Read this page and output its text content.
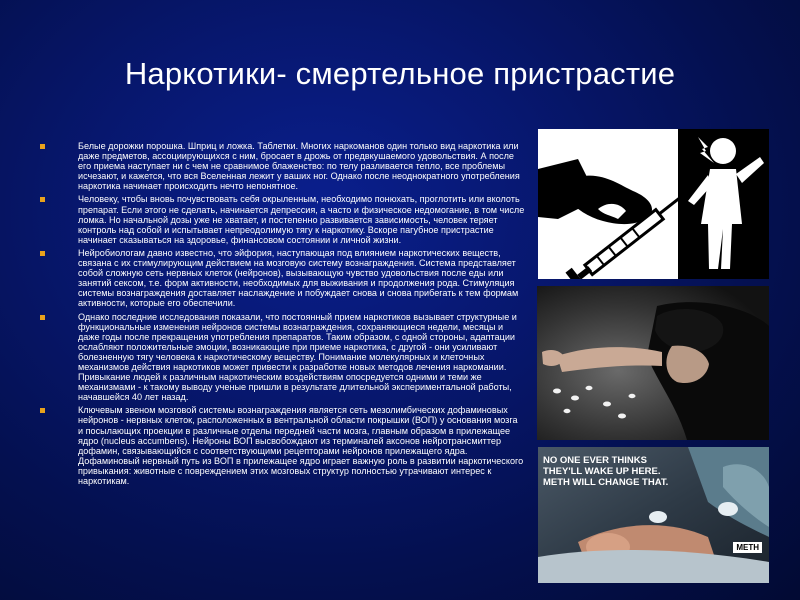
Наркотики- смертельное пристрастие
Белые дорожки порошка. Шприц и ложка. Таблетки. Многих наркоманов один только вид наркотика или даже предметов, ассоциирующихся с ним, бросает в дрожь от предвкушаемого удовольствия. А после его приема наступает ни с чем не сравнимое блаженство: по телу разливается тепло, все проблемы исчезают, и кажется, что вся Вселенная лежит у ваших ног. Однако после неоднократного употребления наркотика начинает происходить нечто непонятное.
Человеку, чтобы вновь почувствовать себя окрыленным, необходимо понюхать, проглотить или вколоть препарат. Если этого не сделать, начинается депрессия, а часто и физическое недомогание, в том числе ломка. Но начальной дозы уже не хватает, и постепенно развивается зависимость, человек теряет контроль над собой и испытывает непреодолимую тягу к наркотику. Вскоре пагубное пристрастие начинает сказываться на здоровье, финансовом состоянии и личной жизни.
Нейробиологам давно известно, что эйфория, наступающая под влиянием наркотических веществ, связана с их стимулирующим действием на мозговую систему вознаграждения. Система представляет собой сложную сеть нервных клеток (нейронов), вызывающую чувство удовольствия после еды или занятий сексом, т.е. форм активности, необходимых для выживания и продолжения рода. Стимуляция системы вознаграждения доставляет наслаждение и побуждает снова и снова прибегать к тем формам активности, которые его обеспечили.
Однако последние исследования показали, что постоянный прием наркотиков вызывает структурные и функциональные изменения нейронов системы вознаграждения, сохраняющиеся недели, месяцы и даже годы после прекращения употребления препаратов. Таким образом, с одной стороны, адаптации ослабляют положительные эмоции, возникающие при приеме наркотика, с другой - они усиливают болезненную тягу человека к наркотическому веществу. Понимание молекулярных и клеточных механизмов действия наркотиков может привести к разработке новых методов лечения наркомании. Привыкание людей к различным наркотическим воздействиям опосредуется одними и теми же механизмами - к такому выводу ученые пришли в результате длительной экспериментальной работы, начавшейся 40 лет назад.
Ключевым звеном мозговой системы вознаграждения является сеть мезолимбических дофаминовых нейронов - нервных клеток, расположенных в вентральной области покрышки (ВОП) у основания мозга и посылающих проекции в различные отделы передней части мозга, главным образом в прилежащее ядро (nucleus accumbens). Нейроны ВОП высвобождают из терминалей аксонов нейротрансмиттер дофамин, связывающийся с соответствующими рецепторами нейронов прилежащего ядра. Дофаминовый нервный путь из ВОП в прилежащее ядро играет важную роль в развитии наркотического привыкания: животные с повреждением этих мозговых структур полностью утрачивают интерес к наркотикам.
NO ONE EVER THINKS
THEY'LL WAKE UP HERE.
METH WILL CHANGE THAT.
METH
